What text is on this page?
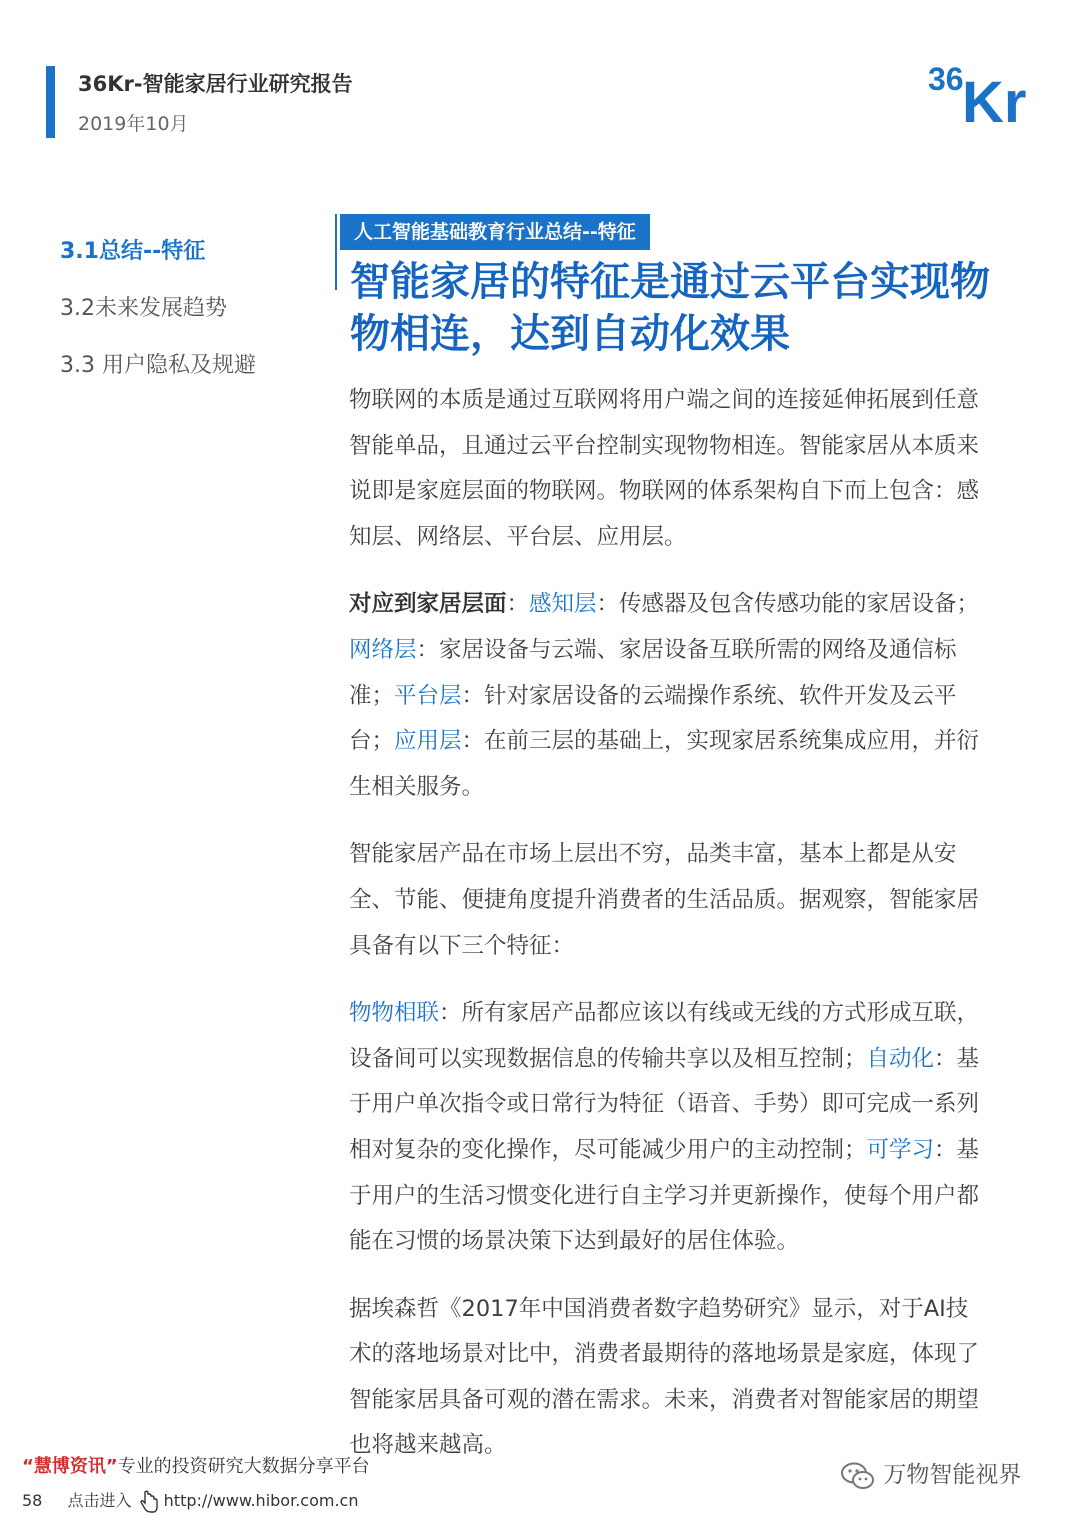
36Kr-智能家居行业研究报告
2019年10月
36
Kr
3.1总结--特征
3.2未来发展趋势
3.3 用户隐私及规避
人工智能基础教育行业总结--特征
智能家居的特征是通过云平台实现物物相连，达到自动化效果
物联网的本质是通过互联网将用户端之间的连接延伸拓展到任意智能单品，且通过云平台控制实现物物相连。智能家居从本质来说即是家庭层面的物联网。物联网的体系架构自下而上包含：感知层、网络层、平台层、应用层。
对应到家居层面：感知层：传感器及包含传感功能的家居设备；网络层：家居设备与云端、家居设备互联所需的网络及通信标准；平台层：针对家居设备的云端操作系统、软件开发及云平台；应用层：在前三层的基础上，实现家居系统集成应用，并衍生相关服务。
智能家居产品在市场上层出不穷，品类丰富，基本上都是从安全、节能、便捷角度提升消费者的生活品质。据观察，智能家居具备有以下三个特征：
物物相联：所有家居产品都应该以有线或无线的方式形成互联，设备间可以实现数据信息的传输共享以及相互控制；自动化：基于用户单次指令或日常行为特征（语音、手势）即可完成一系列相对复杂的变化操作，尽可能减少用户的主动控制；可学习：基于用户的生活习惯变化进行自主学习并更新操作，使每个用户都能在习惯的场景决策下达到最好的居住体验。
据埃森哲《2017年中国消费者数字趋势研究》显示，对于AI技术的落地场景对比中，消费者最期待的落地场景是家庭，体现了智能家居具备可观的潜在需求。未来，消费者对智能家居的期望也将越来越高。
“慧博资讯”专业的投资研究大数据分享平台
58 点击进入 http://www.hibor.com.cn
万物智能视界
